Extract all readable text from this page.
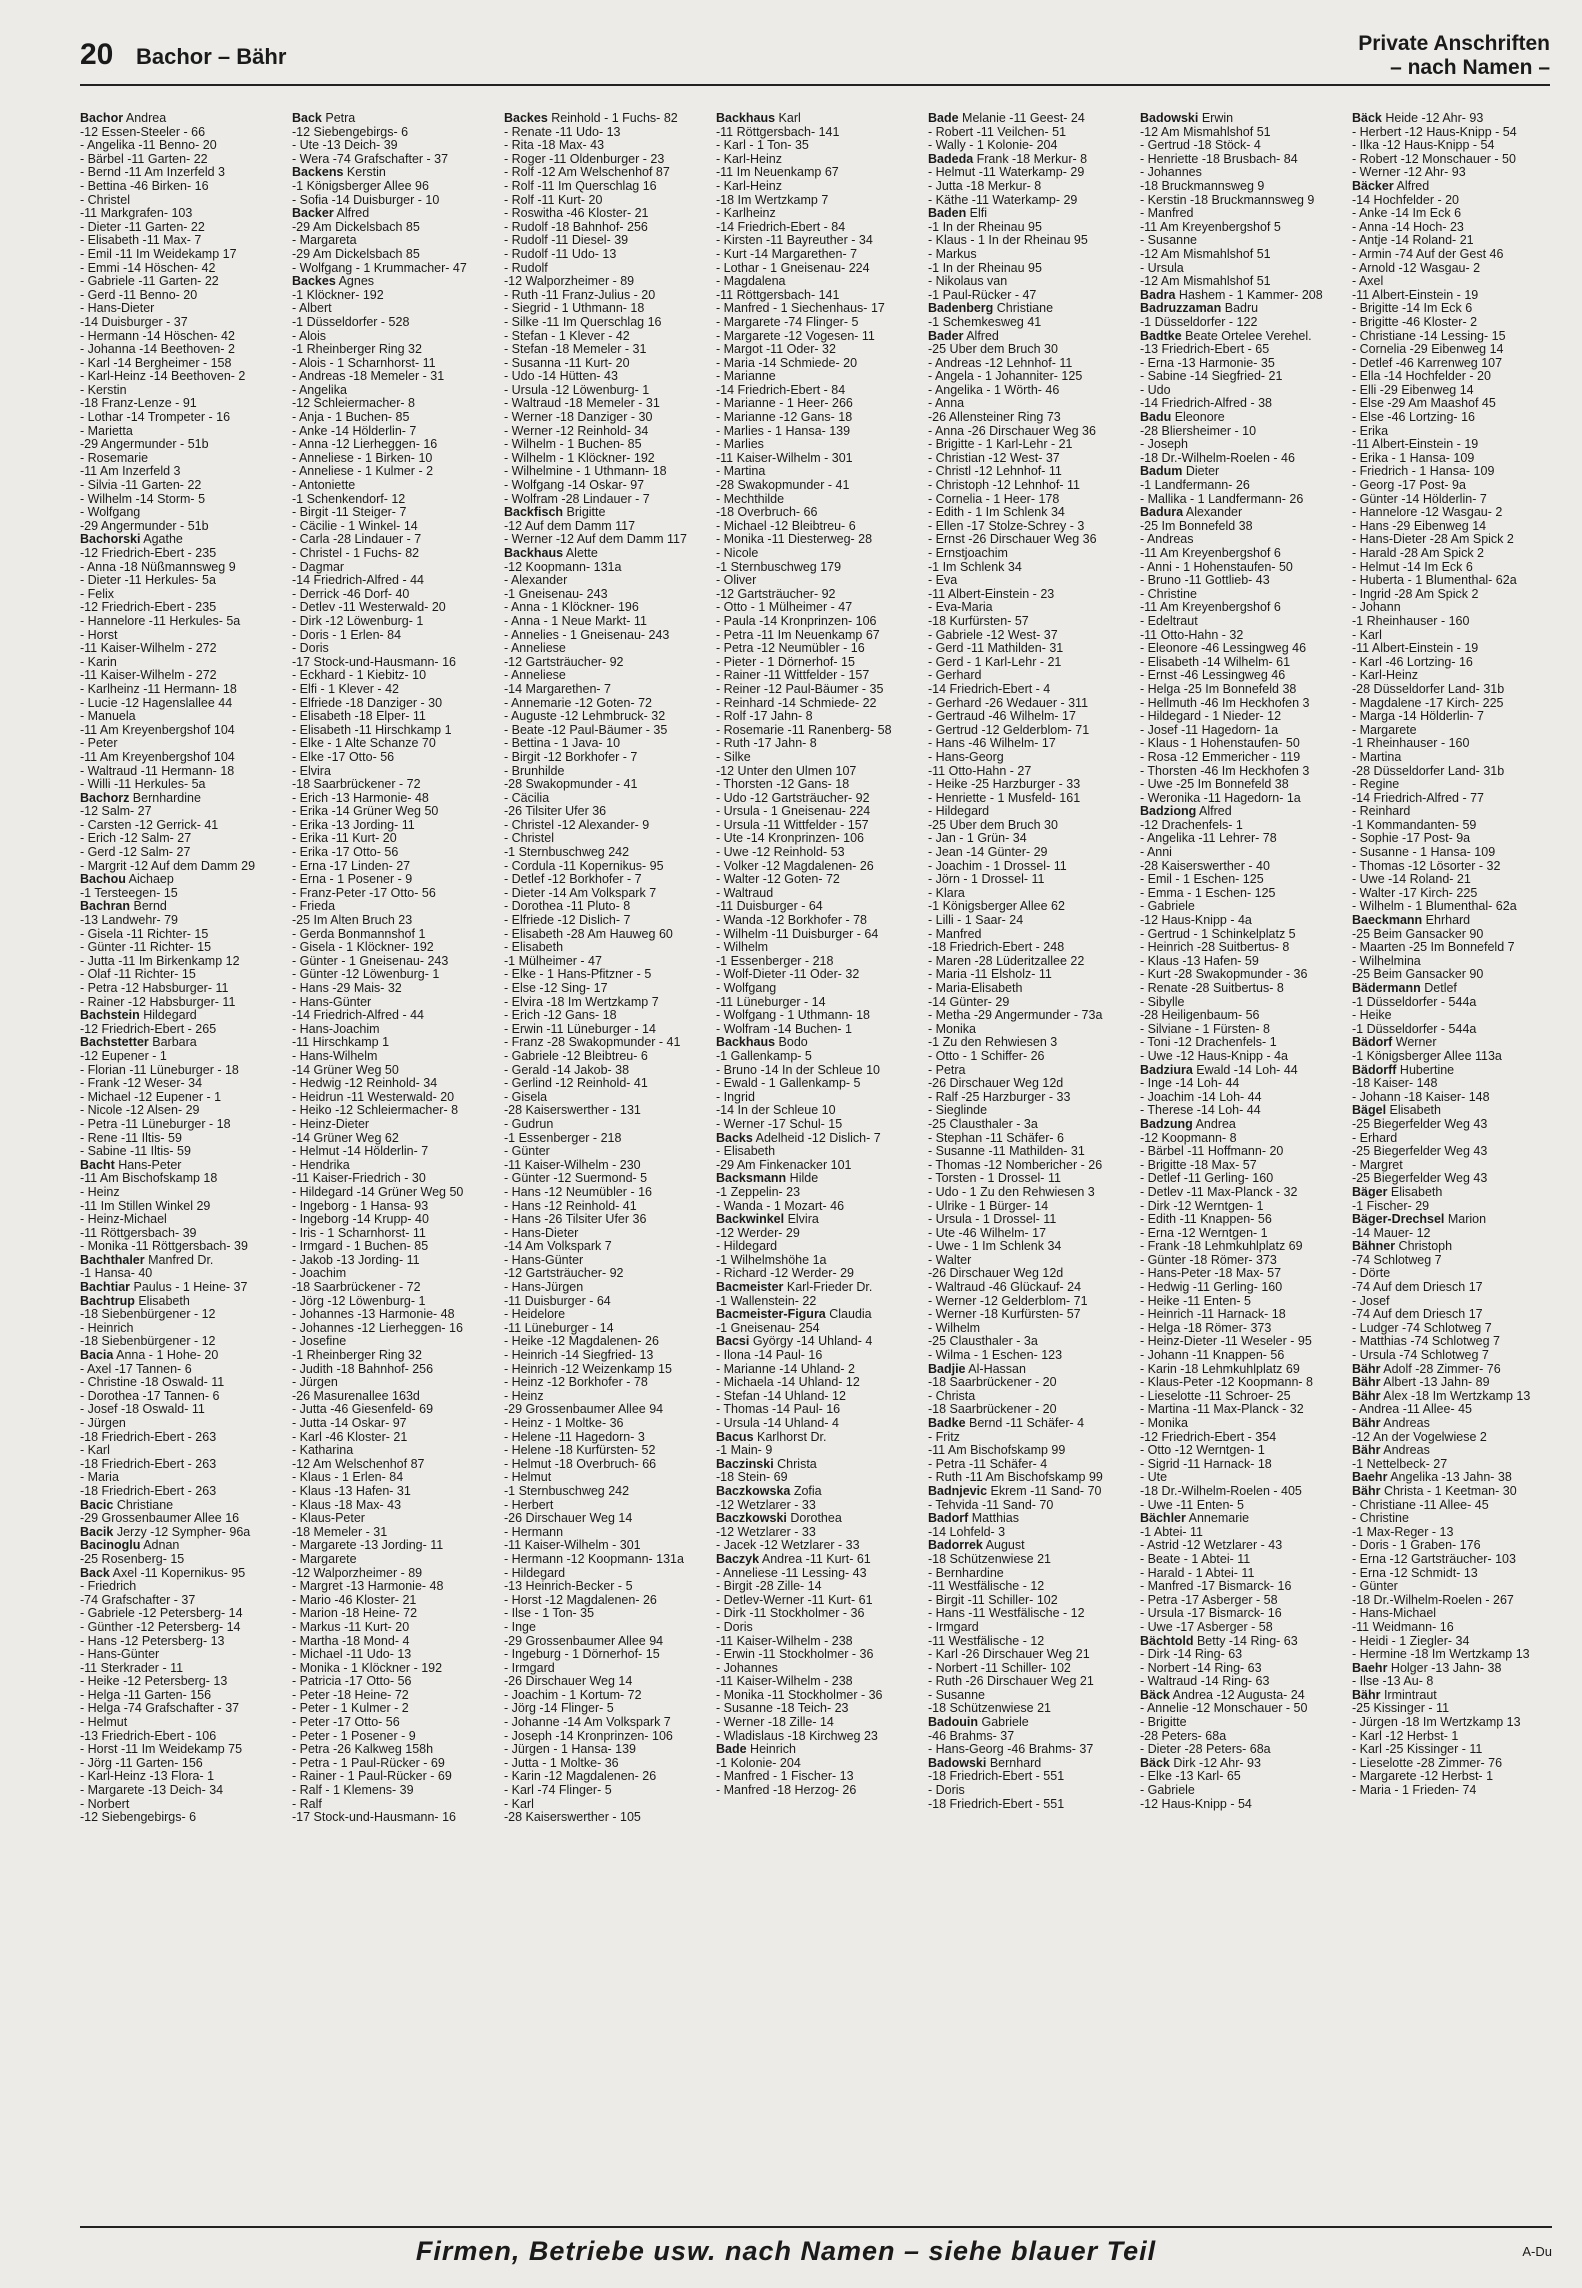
20 Bachor – Bähr
Private Anschriften
– nach Namen –
Bachor Andrea
-12 Essen-Steeler - 66
- Angelika -11 Benno- 20
- Bärbel -11 Garten- 22
- Bernd -11 Am Inzerfeld 3
- Bettina -46 Birken- 16
- Christel
-11 Markgrafen- 103
- Dieter -11 Garten- 22
- Elisabeth -11 Max- 7
- Emil -11 Im Weidekamp 17
- Emmi -14 Höschen- 42
- Gabriele -11 Garten- 22
- Gerd -11 Benno- 20
- Hans-Dieter
-14 Duisburger - 37
- Hermann -14 Höschen- 42
- Johanna -14 Beethoven- 2
- Karl -14 Bergheimer - 158
- Karl-Heinz -14 Beethoven- 2
- Kerstin
-18 Franz-Lenze - 91
- Lothar -14 Trompeter - 16
- Marietta
-29 Angermunder - 51b
- Rosemarie
-11 Am Inzerfeld 3
- Silvia -11 Garten- 22
- Wilhelm -14 Storm- 5
- Wolfgang
-29 Angermunder - 51b
Bachorski Agathe
-12 Friedrich-Ebert - 235
- Anna -18 Nüßmannsweg 9
- Dieter -11 Herkules- 5a
- Felix
-12 Friedrich-Ebert - 235
- Hannelore -11 Herkules- 5a
- Horst
-11 Kaiser-Wilhelm - 272
- Karin
-11 Kaiser-Wilhelm - 272
- Karlheinz -11 Hermann- 18
- Lucie -12 Hagenslallee 44
- Manuela
-11 Am Kreyenbergshof 104
- Peter
-11 Am Kreyenbergshof 104
- Waltraud -11 Hermann- 18
- Willi -11 Herkules- 5a
Bachorz Bernhardine
-12 Salm- 27
- Carsten -12 Gerrick- 41
- Erich -12 Salm- 27
- Gerd -12 Salm- 27
- Margrit -12 Auf dem Damm 29
Bachou Aichaep
-1 Tersteegen- 15
Bachran Bernd
-13 Landwehr- 79
- Gisela -11 Richter- 15
- Günter -11 Richter- 15
- Jutta -11 Im Birkenkamp 12
- Olaf -11 Richter- 15
- Petra -12 Habsburger- 11
- Rainer -12 Habsburger- 11
Bachstein Hildegard
-12 Friedrich-Ebert - 265
Bachstetter Barbara
-12 Eupener - 1
- Florian -11 Lüneburger - 18
- Frank -12 Weser- 34
- Michael -12 Eupener - 1
- Nicole -12 Alsen- 29
- Petra -11 Lüneburger - 18
- Rene -11 Iltis- 59
- Sabine -11 Iltis- 59
Bacht Hans-Peter
-11 Am Bischofskamp 18
- Heinz
-11 Im Stillen Winkel 29
- Heinz-Michael
-11 Röttgersbach- 39
- Monika -11 Röttgersbach- 39
Bachthaler Manfred Dr.
-1 Hansa- 40
Bachtiar Paulus - 1 Heine- 37
Bachtrup Elisabeth
-18 Siebenbürgener - 12
- Heinrich
-18 Siebenbürgener - 12
Bacia Anna - 1 Hohe- 20
- Axel -17 Tannen- 6
- Christine -18 Oswald- 11
- Dorothea -17 Tannen- 6
- Josef -18 Oswald- 11
- Jürgen
-18 Friedrich-Ebert - 263
- Karl
-18 Friedrich-Ebert - 263
- Maria
-18 Friedrich-Ebert - 263
Bacic Christiane
-29 Grossenbaumer Allee 16
Bacik Jerzy -12 Sympher- 96a
Bacinoglu Adnan
-25 Rosenberg- 15
Back Axel -11 Kopernikus- 95
- Friedrich
-74 Grafschafter - 37
- Gabriele -12 Petersberg- 14
- Günther -12 Petersberg- 14
- Hans -12 Petersberg- 13
- Hans-Günter
-11 Sterkrader - 11
- Heike -12 Petersberg- 13
- Helga -11 Garten- 156
- Helga -74 Grafschafter - 37
- Helmut
-13 Friedrich-Ebert - 106
- Horst -11 Im Weidekamp 75
- Jörg -11 Garten- 156
- Karl-Heinz -13 Flora- 1
- Margarete -13 Deich- 34
- Norbert
-12 Siebengebirgs- 6
Back Petra
-12 Siebengebirgs- 6
- Ute -13 Deich- 39
- Wera -74 Grafschafter - 37
Backens Kerstin
-1 Königsberger Allee 96
- Sofia -14 Duisburger - 10
Backer Alfred
-29 Am Dickelsbach 85
- Margareta
-29 Am Dickelsbach 85
- Wolfgang - 1 Krummacher- 47
Backes Agnes
-1 Klöckner- 192
- Albert
-1 Düsseldorfer - 528
- Alois
-1 Rheinberger Ring 32
- Alois - 1 Scharnhorst- 11
- Andreas -18 Memeler - 31
- Angelika
-12 Schleiermacher- 8
- Anja - 1 Buchen- 85
- Anke -14 Hölderlin- 7
- Anna -12 Lierheggen- 16
- Anneliese - 1 Birken- 10
- Anneliese - 1 Kulmer - 2
- Antoniette
-1 Schenkendorf- 12
- Birgit -11 Steiger- 7
- Cäcilie - 1 Winkel- 14
- Carla -28 Lindauer - 7
- Christel - 1 Fuchs- 82
- Dagmar
-14 Friedrich-Alfred - 44
- Derrick -46 Dorf- 40
- Detlev -11 Westerwald- 20
- Dirk -12 Löwenburg- 1
- Doris - 1 Erlen- 84
- Doris
-17 Stock-und-Hausmann- 16
- Eckhard - 1 Kiebitz- 10
- Elfi - 1 Klever - 42
- Elfriede -18 Danziger - 30
- Elisabeth -18 Elper- 11
- Elisabeth -11 Hirschkamp 1
- Elke - 1 Alte Schanze 70
- Elke -17 Otto- 56
- Elvira
-18 Saarbrückener - 72
- Erich -13 Harmonie- 48
- Erika -14 Grüner Weg 50
- Erika -13 Jording- 11
- Erika -11 Kurt- 20
- Erika -17 Otto- 56
- Erna -17 Linden- 27
- Erna - 1 Posener - 9
- Franz-Peter -17 Otto- 56
- Frieda
-25 Im Alten Bruch 23
- Gerda Bonmannshof 1
- Gisela - 1 Klöckner- 192
- Günter - 1 Gneisenau- 243
- Günter -12 Löwenburg- 1
- Hans -29 Mais- 32
- Hans-Günter
-14 Friedrich-Alfred - 44
- Hans-Joachim
-11 Hirschkamp 1
- Hans-Wilhelm
-14 Grüner Weg 50
- Hedwig -12 Reinhold- 34
- Heidrun -11 Westerwald- 20
- Heiko -12 Schleiermacher- 8
- Heinz-Dieter
-14 Grüner Weg 62
- Helmut -14 Hölderlin- 7
- Hendrika
-11 Kaiser-Friedrich - 30
- Hildegard -14 Grüner Weg 50
- Ingeborg - 1 Hansa- 93
- Ingeborg -14 Krupp- 40
- Iris - 1 Scharnhorst- 11
- Irmgard - 1 Buchen- 85
- Jakob -13 Jording- 11
- Joachim
-18 Saarbrückener - 72
- Jörg -12 Löwenburg- 1
- Johannes -13 Harmonie- 48
- Johannes -12 Lierheggen- 16
- Josefine
-1 Rheinberger Ring 32
- Judith -18 Bahnhof- 256
- Jürgen
-26 Masurenallee 163d
- Jutta -46 Giesenfeld- 69
- Jutta -14 Oskar- 97
- Karl -46 Kloster- 21
- Katharina
-12 Am Welschenhof 87
- Klaus - 1 Erlen- 84
- Klaus -13 Hafen- 31
- Klaus -18 Max- 43
- Klaus-Peter
-18 Memeler - 31
- Margarete -13 Jording- 11
- Margarete
-12 Walporzheimer - 89
- Margret -13 Harmonie- 48
- Mario -46 Kloster- 21
- Marion -18 Heine- 72
- Markus -11 Kurt- 20
- Martha -18 Mond- 4
- Michael -11 Udo- 13
- Monika - 1 Klöckner - 192
- Patricia -17 Otto- 56
- Peter -18 Heine- 72
- Peter - 1 Kulmer - 2
- Peter -17 Otto- 56
- Peter - 1 Posener - 9
- Petra -26 Kalkweg 158h
- Petra - 1 Paul-Rücker - 69
- Rainer - 1 Paul-Rücker - 69
- Ralf - 1 Klemens- 39
- Ralf
-17 Stock-und-Hausmann- 16
Backes Reinhold - 1 Fuchs- 82
- Renate -11 Udo- 13
- Rita -18 Max- 43
- Roger -11 Oldenburger - 23
- Rolf -12 Am Welschenhof 87
- Rolf -11 Im Querschlag 16
- Rolf -11 Kurt- 20
- Roswitha -46 Kloster- 21
- Rudolf -18 Bahnhof- 256
- Rudolf -11 Diesel- 39
- Rudolf -11 Udo- 13
- Rudolf
-12 Walporzheimer - 89
- Ruth -11 Franz-Julius - 20
- Siegrid - 1 Uthmann- 18
- Silke -11 Im Querschlag 16
- Stefan - 1 Klever - 42
- Stefan -18 Memeler - 31
- Susanna -11 Kurt- 20
- Udo -14 Hütten- 43
- Ursula -12 Löwenburg- 1
- Waltraud -18 Memeler - 31
- Werner -18 Danziger - 30
- Werner -12 Reinhold- 34
- Wilhelm - 1 Buchen- 85
- Wilhelm - 1 Klöckner- 192
- Wilhelmine - 1 Uthmann- 18
- Wolfgang -14 Oskar- 97
- Wolfram -28 Lindauer - 7
Backfisch Brigitte
-12 Auf dem Damm 117
- Werner -12 Auf dem Damm 117
Backhaus Alette
-12 Koopmann- 131a
- Alexander
-1 Gneisenau- 243
- Anna - 1 Klöckner- 196
- Anna - 1 Neue Markt- 11
- Annelies - 1 Gneisenau- 243
- Anneliese
-12 Gartsträucher- 92
- Anneliese
-14 Margarethen- 7
- Annemarie -12 Goten- 72
- Auguste -12 Lehmbruck- 32
- Beate -12 Paul-Bäumer - 35
- Bettina - 1 Java- 10
- Birgit -12 Borkhofer - 7
- Brunhilde
-28 Swakopmunder - 41
- Cäcilia
-26 Tilsiter Ufer 36
- Christel -12 Alexander- 9
- Christel
-1 Sternbuschweg 242
- Cordula -11 Kopernikus- 95
- Detlef -12 Borkhofer - 7
- Dieter -14 Am Volkspark 7
- Dorothea -11 Pluto- 8
- Elfriede -12 Dislich- 7
- Elisabeth -28 Am Hauweg 60
- Elisabeth
-1 Mülheimer - 47
- Elke - 1 Hans-Pfitzner - 5
- Else -12 Sing- 17
- Elvira -18 Im Wertzkamp 7
- Erich -12 Gans- 18
- Erwin -11 Lüneburger - 14
- Franz -28 Swakopmunder - 41
- Gabriele -12 Bleibtreu- 6
- Gerald -14 Jakob- 38
- Gerlind -12 Reinhold- 41
- Gisela
-28 Kaiserswerther - 131
- Gudrun
-1 Essenberger - 218
- Günter
-11 Kaiser-Wilhelm - 230
- Günter -12 Suermond- 5
- Hans -12 Neumübler - 16
- Hans -12 Reinhold- 41
- Hans -26 Tilsiter Ufer 36
- Hans-Dieter
-14 Am Volkspark 7
- Hans-Günter
-12 Gartsträucher- 92
- Hans-Jürgen
-11 Duisburger - 64
- Heidelore
-11 Lüneburger - 14
- Heike -12 Magdalenen- 26
- Heinrich -14 Siegfried- 13
- Heinrich -12 Weizenkamp 15
- Heinz -12 Borkhofer - 78
- Heinz
-29 Grossenbaumer Allee 94
- Heinz - 1 Moltke- 36
- Helene -11 Hagedorn- 3
- Helene -18 Kurfürsten- 52
- Helmut -18 Overbruch- 66
- Helmut
-1 Sternbuschweg 242
- Herbert
-26 Dirschauer Weg 14
- Hermann
-11 Kaiser-Wilhelm - 301
- Hermann -12 Koopmann- 131a
- Hildegard
-13 Heinrich-Becker - 5
- Horst -12 Magdalenen- 26
- Ilse - 1 Ton- 35
- Inge
-29 Grossenbaumer Allee 94
- Ingeburg - 1 Dörnerhof- 15
- Irmgard
-26 Dirschauer Weg 14
- Joachim - 1 Kortum- 72
- Jörg -14 Flinger- 5
- Johanne -14 Am Volkspark 7
- Joseph -14 Kronprinzen- 106
- Jürgen - 1 Hansa- 139
- Jutta - 1 Moltke- 36
- Karin -12 Magdalenen- 26
- Karl -74 Flinger- 5
- Karl
-28 Kaiserswerther - 105
Backhaus Karl
-11 Röttgersbach- 141
- Karl - 1 Ton- 35
- Karl-Heinz
-11 Im Neuenkamp 67
- Karl-Heinz
-18 Im Wertzkamp 7
- Karlheinz
-14 Friedrich-Ebert - 84
- Kirsten -11 Bayreuther - 34
- Kurt -14 Margarethen- 7
- Lothar - 1 Gneisenau- 224
- Magdalena
-11 Röttgersbach- 141
- Manfred - 1 Siechenhaus- 17
- Margarete -74 Flinger- 5
- Margarete -12 Vogesen- 11
- Margot -11 Oder- 32
- Maria -14 Schmiede- 20
- Marianne
-14 Friedrich-Ebert - 84
- Marianne - 1 Heer- 266
- Marianne -12 Gans- 18
- Marlies - 1 Hansa- 139
- Marlies
-11 Kaiser-Wilhelm - 301
- Martina
-28 Swakopmunder - 41
- Mechthilde
-18 Overbruch- 66
- Michael -12 Bleibtreu- 6
- Monika -11 Diesterweg- 28
- Nicole
-1 Sternbuschweg 179
- Oliver
-12 Gartsträucher- 92
- Otto - 1 Mülheimer - 47
- Paula -14 Kronprinzen- 106
- Petra -11 Im Neuenkamp 67
- Petra -12 Neumübler - 16
- Pieter - 1 Dörnerhof- 15
- Rainer -11 Wittfelder - 157
- Reiner -12 Paul-Bäumer - 35
- Reinhard -14 Schmiede- 22
- Rolf -17 Jahn- 8
- Rosemarie -11 Ranenberg- 58
- Ruth -17 Jahn- 8
- Silke
-12 Unter den Ulmen 107
- Thorsten -12 Gans- 18
- Udo -12 Gartsträucher- 92
- Ursula - 1 Gneisenau- 224
- Ursula -11 Wittfelder - 157
- Ute -14 Kronprinzen- 106
- Uwe -12 Reinhold- 53
- Volker -12 Magdalenen- 26
- Walter -12 Goten- 72
- Waltraud
-11 Duisburger - 64
- Wanda -12 Borkhofer - 78
- Wilhelm -11 Duisburger - 64
- Wilhelm
-1 Essenberger - 218
- Wolf-Dieter -11 Oder- 32
- Wolfgang
-11 Lüneburger - 14
- Wolfgang - 1 Uthmann- 18
- Wolfram -14 Buchen- 1
Backhaus Bodo
-1 Gallenkamp- 5
- Bruno -14 In der Schleue 10
- Ewald - 1 Gallenkamp- 5
- Ingrid
-14 In der Schleue 10
- Werner -17 Schul- 15
Backs Adelheid -12 Dislich- 7
- Elisabeth
-29 Am Finkenacker 101
Backsmann Hilde
-1 Zeppelin- 23
- Wanda - 1 Mozart- 46
Backwinkel Elvira
-12 Werder- 29
- Hildegard
-1 Wilhelmshöhe 1a
- Richard -12 Werder- 29
Bacmeister Karl-Frieder Dr.
-1 Wallenstein- 22
Bacmeister-Figura Claudia
-1 Gneisenau- 254
Bacsi György -14 Uhland- 4
- Ilona -14 Paul- 16
- Marianne -14 Uhland- 2
- Michaela -14 Uhland- 12
- Stefan -14 Uhland- 12
- Thomas -14 Paul- 16
- Ursula -14 Uhland- 4
Bacus Karlhorst Dr.
-1 Main- 9
Baczinski Christa
-18 Stein- 69
Baczkowska Zofia
-12 Wetzlarer - 33
Baczkowski Dorothea
-12 Wetzlarer - 33
- Jacek -12 Wetzlarer - 33
Baczyk Andrea -11 Kurt- 61
- Anneliese -11 Lessing- 43
- Birgit -28 Zille- 14
- Detlev-Werner -11 Kurt- 61
- Dirk -11 Stockholmer - 36
- Doris
-11 Kaiser-Wilhelm - 238
- Erwin -11 Stockholmer - 36
- Johannes
-11 Kaiser-Wilhelm - 238
- Monika -11 Stockholmer - 36
- Susanne -18 Teich- 23
- Werner -18 Zille- 14
- Wladislaus -18 Kirchweg 23
Bade Heinrich
-1 Kolonie- 204
- Manfred - 1 Fischer- 13
- Manfred -18 Herzog- 26
Bade Melanie -11 Geest- 24
- Robert -11 Veilchen- 51
- Wally - 1 Kolonie- 204
Badeda Frank -18 Merkur- 8
- Helmut -11 Waterkamp- 29
- Jutta -18 Merkur- 8
- Käthe -11 Waterkamp- 29
Baden Elfi
-1 In der Rheinau 95
- Klaus - 1 In der Rheinau 95
- Markus
-1 In der Rheinau 95
- Nikolaus van
-1 Paul-Rücker - 47
Badenberg Christiane
-1 Schemkesweg 41
Bader Alfred
-25 Über dem Bruch 30
- Andreas -12 Lehnhof- 11
- Angela - 1 Johanniter- 125
- Angelika - 1 Wörth- 46
- Anna
-26 Allensteiner Ring 73
- Anna -26 Dirschauer Weg 36
- Brigitte - 1 Karl-Lehr - 21
- Christian -12 West- 37
- Christl -12 Lehnhof- 11
- Christoph -12 Lehnhof- 11
- Cornelia - 1 Heer- 178
- Edith - 1 Im Schlenk 34
- Ellen -17 Stolze-Schrey - 3
- Ernst -26 Dirschauer Weg 36
- Ernstjoachim
-1 Im Schlenk 34
- Eva
-11 Albert-Einstein - 23
- Eva-Maria
-18 Kurfürsten- 57
- Gabriele -12 West- 37
- Gerd -11 Mathilden- 31
- Gerd - 1 Karl-Lehr - 21
- Gerhard
-14 Friedrich-Ebert - 4
- Gerhard -26 Wedauer - 311
- Gertraud -46 Wilhelm- 17
- Gertrud -12 Gelderblom- 71
- Hans -46 Wilhelm- 17
- Hans-Georg
-11 Otto-Hahn - 27
- Heike -25 Harzburger - 33
- Henriette - 1 Musfeld- 161
- Hildegard
-25 Über dem Bruch 30
- Jan - 1 Grün- 34
- Jean -14 Günter- 29
- Joachim - 1 Drossel- 11
- Jörn - 1 Drossel- 11
- Klara
-1 Königsberger Allee 62
- Lilli - 1 Saar- 24
- Manfred
-18 Friedrich-Ebert - 248
- Maren -28 Lüderitzallee 22
- Maria -11 Elsholz- 11
- Maria-Elisabeth
-14 Günter- 29
- Metha -29 Angermunder - 73a
- Monika
-1 Zu den Rehwiesen 3
- Otto - 1 Schiffer- 26
- Petra
-26 Dirschauer Weg 12d
- Ralf -25 Harzburger - 33
- Sieglinde
-25 Clausthaler - 3a
- Stephan -11 Schäfer- 6
- Susanne -11 Mathilden- 31
- Thomas -12 Nombericher - 26
- Torsten - 1 Drossel- 11
- Udo - 1 Zu den Rehwiesen 3
- Ulrike - 1 Bürger- 14
- Ursula - 1 Drossel- 11
- Ute -46 Wilhelm- 17
- Uwe - 1 Im Schlenk 34
- Walter
-26 Dirschauer Weg 12d
- Waltraud -46 Glückauf- 24
- Werner -12 Gelderblom- 71
- Werner -18 Kurfürsten- 57
- Wilhelm
-25 Clausthaler - 3a
- Wilma - 1 Eschen- 123
Badjie Al-Hassan
-18 Saarbrückener - 20
- Christa
-18 Saarbrückener - 20
Badke Bernd -11 Schäfer- 4
- Fritz
-11 Am Bischofskamp 99
- Petra -11 Schäfer- 4
- Ruth -11 Am Bischofskamp 99
Badnjevic Ekrem -11 Sand- 70
- Tehvida -11 Sand- 70
Badorf Matthias
-14 Lohfeld- 3
Badorrek August
-18 Schützenwiese 21
- Bernhardine
-11 Westfälische - 12
- Birgit -11 Schiller- 102
- Hans -11 Westfälische - 12
- Irmgard
-11 Westfälische - 12
- Karl -26 Dirschauer Weg 21
- Norbert -11 Schiller- 102
- Ruth -26 Dirschauer Weg 21
- Susanne
-18 Schützenwiese 21
Badouin Gabriele
-46 Brahms- 37
- Hans-Georg -46 Brahms- 37
Badowski Bernhard
-18 Friedrich-Ebert - 551
- Doris
-18 Friedrich-Ebert - 551
Badowski Erwin
-12 Am Mismahlshof 51
- Gertrud -18 Stöck- 4
- Henriette -18 Brusbach- 84
- Johannes
-18 Bruckmannsweg 9
- Kerstin -18 Bruckmannsweg 9
- Manfred
-11 Am Kreyenbergshof 5
- Susanne
-12 Am Mismahlshof 51
- Ursula
-12 Am Mismahlshof 51
Badra Hashem - 1 Kammer- 208
Badruzzaman Badru
-1 Düsseldorfer - 122
Badtke Beate Ortelee Verehel.
-13 Friedrich-Ebert - 65
- Erna -13 Harmonie- 35
- Sabine -14 Siegfried- 21
- Udo
-14 Friedrich-Alfred - 38
Badu Eleonore
-28 Bliersheimer - 10
- Joseph
-18 Dr.-Wilhelm-Roelen - 46
Badum Dieter
-1 Landfermann- 26
- Mallika - 1 Landfermann- 26
Badura Alexander
-25 Im Bonnefeld 38
- Andreas
-11 Am Kreyenbergshof 6
- Anni - 1 Hohenstaufen- 50
- Bruno -11 Gottlieb- 43
- Christine
-11 Am Kreyenbergshof 6
- Edeltraut
-11 Otto-Hahn - 32
- Eleonore -46 Lessingweg 46
- Elisabeth -14 Wilhelm- 61
- Ernst -46 Lessingweg 46
- Helga -25 Im Bonnefeld 38
- Hellmuth -46 Im Heckhofen 3
- Hildegard - 1 Nieder- 12
- Josef -11 Hagedorn- 1a
- Klaus - 1 Hohenstaufen- 50
- Rosa -12 Emmericher - 119
- Thorsten -46 Im Heckhofen 3
- Uwe -25 Im Bonnefeld 38
- Weronika -11 Hagedorn- 1a
Badziong Alfred
-12 Drachenfels- 1
- Angelika -11 Lehrer- 78
- Anni
-28 Kaiserswerther - 40
- Emil - 1 Eschen- 125
- Emma - 1 Eschen- 125
- Gabriele
-12 Haus-Knipp - 4a
- Gertrud - 1 Schinkelplatz 5
- Heinrich -28 Suitbertus- 8
- Klaus -13 Hafen- 59
- Kurt -28 Swakopmunder - 36
- Renate -28 Suitbertus- 8
- Sibylle
-28 Heiligenbaum- 56
- Silviane - 1 Fürsten- 8
- Toni -12 Drachenfels- 1
- Uwe -12 Haus-Knipp - 4a
Badziura Ewald -14 Loh- 44
- Inge -14 Loh- 44
- Joachim -14 Loh- 44
- Therese -14 Loh- 44
Badzung Andrea
-12 Koopmann- 8
- Bärbel -11 Hoffmann- 20
- Brigitte -18 Max- 57
- Detlef -11 Gerling- 160
- Detlev -11 Max-Planck - 32
- Dirk -12 Werntgen- 1
- Edith -11 Knappen- 56
- Erna -12 Werntgen- 1
- Frank -18 Lehmkuhlplatz 69
- Günter -18 Römer- 373
- Hans-Peter -18 Max- 57
- Hedwig -11 Gerling- 160
- Heike -11 Enten- 5
- Heinrich -11 Harnack- 18
- Helga -18 Römer- 373
- Heinz-Dieter -11 Weseler - 95
- Johann -11 Knappen- 56
- Karin -18 Lehmkuhlplatz 69
- Klaus-Peter -12 Koopmann- 8
- Lieselotte -11 Schroer- 25
- Martina -11 Max-Planck - 32
- Monika
-12 Friedrich-Ebert - 354
- Otto -12 Werntgen- 1
- Sigrid -11 Harnack- 18
- Ute
-18 Dr.-Wilhelm-Roelen - 405
- Uwe -11 Enten- 5
Bächler Annemarie
-1 Abtei- 11
- Astrid -12 Wetzlarer - 43
- Beate - 1 Abtei- 11
- Harald - 1 Abtei- 11
- Manfred -17 Bismarck- 16
- Petra -17 Asberger - 58
- Ursula -17 Bismarck- 16
- Uwe -17 Asberger - 58
Bächtold Betty -14 Ring- 63
- Dirk -14 Ring- 63
- Norbert -14 Ring- 63
- Waltraud -14 Ring- 63
Bäck Andrea -12 Augusta- 24
- Annelie -12 Monschauer - 50
- Brigitte
-28 Peters- 68a
- Dieter -28 Peters- 68a
Bäck Dirk -12 Ahr- 93
- Elke -13 Karl- 65
- Gabriele
-12 Haus-Knipp - 54
Bäck Heide -12 Ahr- 93
- Herbert -12 Haus-Knipp - 54
- Ilka -12 Haus-Knipp - 54
- Robert -12 Monschauer - 50
- Werner -12 Ahr- 93
Bäcker Alfred
-14 Hochfelder - 20
- Anke -14 Im Eck 6
- Anna -14 Hoch- 23
- Antje -14 Roland- 21
- Armin -74 Auf der Gest 46
- Arnold -12 Wasgau- 2
- Axel
-11 Albert-Einstein - 19
- Brigitte -14 Im Eck 6
- Brigitte -46 Kloster- 2
- Christiane -14 Lessing- 15
- Cornelia -29 Eibenweg 14
- Detlef -46 Karrenweg 107
- Ella -14 Hochfelder - 20
- Elli -29 Eibenweg 14
- Else -29 Am Maashof 45
- Else -46 Lortzing- 16
- Erika
-11 Albert-Einstein - 19
- Erika - 1 Hansa- 109
- Friedrich - 1 Hansa- 109
- Georg -17 Post- 9a
- Günter -14 Hölderlin- 7
- Hannelore -12 Wasgau- 2
- Hans -29 Eibenweg 14
- Hans-Dieter -28 Am Spick 2
- Harald -28 Am Spick 2
- Helmut -14 Im Eck 6
- Huberta - 1 Blumenthal- 62a
- Ingrid -28 Am Spick 2
- Johann
-1 Rheinhauser - 160
- Karl
-11 Albert-Einstein - 19
- Karl -46 Lortzing- 16
- Karl-Heinz
-28 Düsseldorfer Land- 31b
- Magdalene -17 Kirch- 225
- Marga -14 Hölderlin- 7
- Margarete
-1 Rheinhauser - 160
- Martina
-28 Düsseldorfer Land- 31b
- Regine
-14 Friedrich-Alfred - 77
- Reinhard
-1 Kommandanten- 59
- Sophie -17 Post- 9a
- Susanne - 1 Hansa- 109
- Thomas -12 Lösorter - 32
- Uwe -14 Roland- 21
- Walter -17 Kirch- 225
- Wilhelm - 1 Blumenthal- 62a
Baeckmann Ehrhard
-25 Beim Gansacker 90
- Maarten -25 Im Bonnefeld 7
- Wilhelmina
-25 Beim Gansacker 90
Bädermann Detlef
-1 Düsseldorfer - 544a
- Heike
-1 Düsseldorfer - 544a
Bädorf Werner
-1 Königsberger Allee 113a
Bädorff Hubertine
-18 Kaiser- 148
- Johann -18 Kaiser- 148
Bägel Elisabeth
-25 Biegerfelder Weg 43
- Erhard
-25 Biegerfelder Weg 43
- Margret
-25 Biegerfelder Weg 43
Bäger Elisabeth
-1 Fischer- 29
Bäger-Drechsel Marion
-14 Mauer- 12
Bähner Christoph
-74 Schlotweg 7
- Dörte
-74 Auf dem Driesch 17
- Josef
-74 Auf dem Driesch 17
- Ludger -74 Schlotweg 7
- Matthias -74 Schlotweg 7
- Ursula -74 Schlotweg 7
Bähr Adolf -28 Zimmer- 76
Bähr Albert -13 Jahn- 89
Bähr Alex -18 Im Wertzkamp 13
- Andrea -11 Allee- 45
Bähr Andreas
-12 An der Vogelwiese 2
Bähr Andreas
-1 Nettelbeck- 27
Baehr Angelika -13 Jahn- 38
Bähr Christa - 1 Keetman- 30
- Christiane -11 Allee- 45
- Christine
-1 Max-Reger - 13
- Doris - 1 Graben- 176
- Erna -12 Gartsträucher- 103
- Erna -12 Schmidt- 13
- Günter
-18 Dr.-Wilhelm-Roelen - 267
- Hans-Michael
-11 Weidmann- 16
- Heidi - 1 Ziegler- 34
- Hermine -18 Im Wertzkamp 13
Baehr Holger -13 Jahn- 38
- Ilse -13 Au- 8
Bähr Irmintraut
-25 Kissinger - 11
- Jürgen -18 Im Wertzkamp 13
- Karl -12 Herbst- 1
- Karl -25 Kissinger - 11
- Lieselotte -28 Zimmer- 76
- Margarete -12 Herbst- 1
- Maria - 1 Frieden- 74
Firmen, Betriebe usw. nach Namen – siehe blauer Teil	A-Du
